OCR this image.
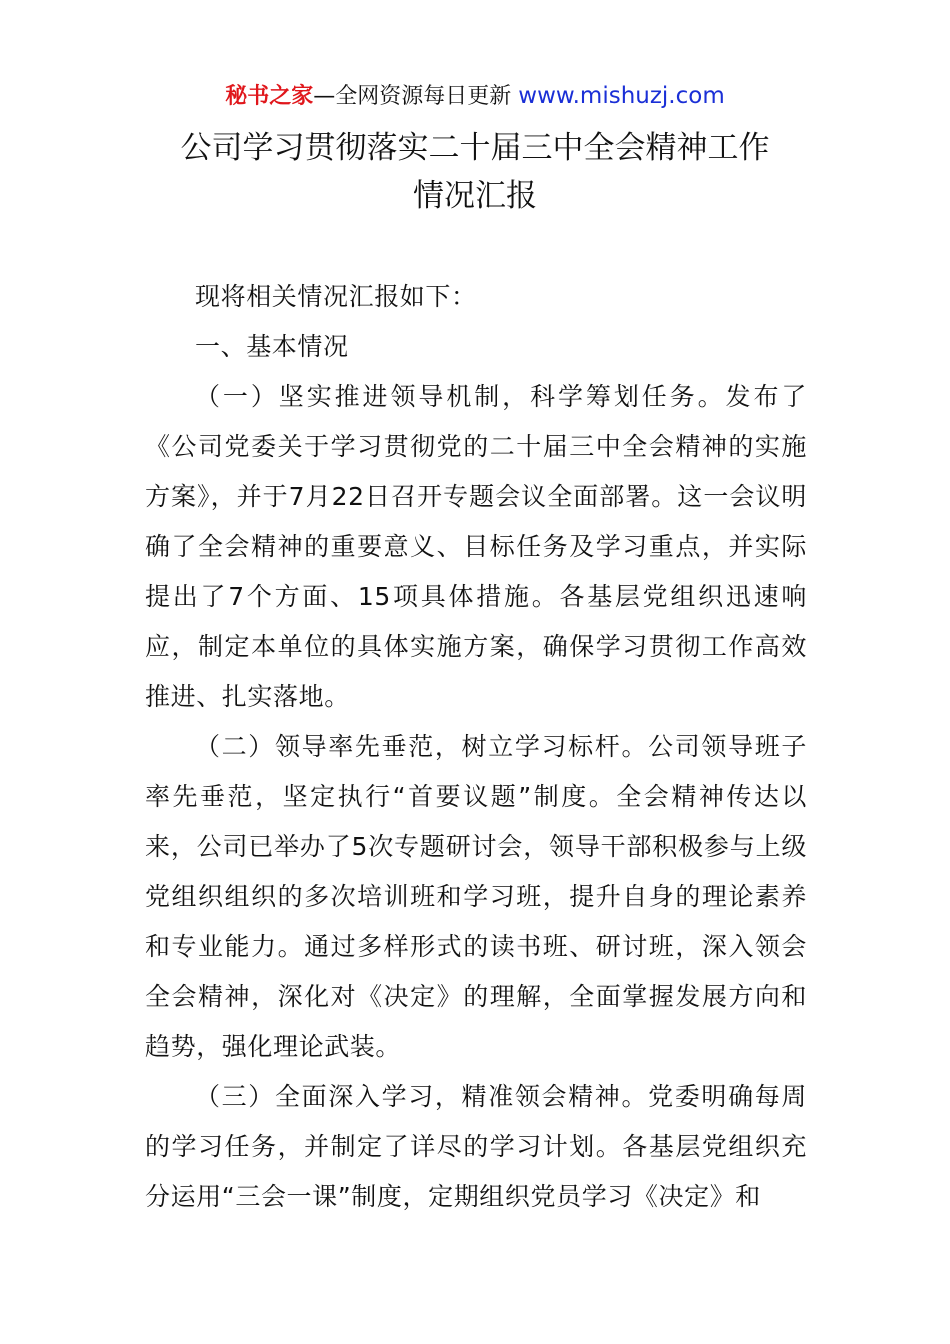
秘书之家—全网资源每日更新 www.mishuzj.com
公司学习贯彻落实二十届三中全会精神工作
情况汇报

现将相关情况汇报如下：

一、基本情况

（一）坚实推进领导机制，科学筹划任务。发布了《公司党委关于学习贯彻党的二十届三中全会精神的实施方案》，并于7月22日召开专题会议全面部署。这一会议明确了全会精神的重要意义、目标任务及学习重点，并实际提出了7个方面、15项具体措施。各基层党组织迅速响应，制定本单位的具体实施方案，确保学习贯彻工作高效推进、扎实落地。

（二）领导率先垂范，树立学习标杆。公司领导班子率先垂范，坚定执行“首要议题”制度。全会精神传达以来，公司已举办了5次专题研讨会，领导干部积极参与上级党组织组织的多次培训班和学习班，提升自身的理论素养和专业能力。通过多样形式的读书班、研讨班，深入领会全会精神，深化对《决定》的理解，全面掌握发展方向和趋势，强化理论武装。

（三）全面深入学习，精准领会精神。党委明确每周的学习任务，并制定了详尽的学习计划。各基层党组织充分运用“三会一课”制度，定期组织党员学习《决定》和
